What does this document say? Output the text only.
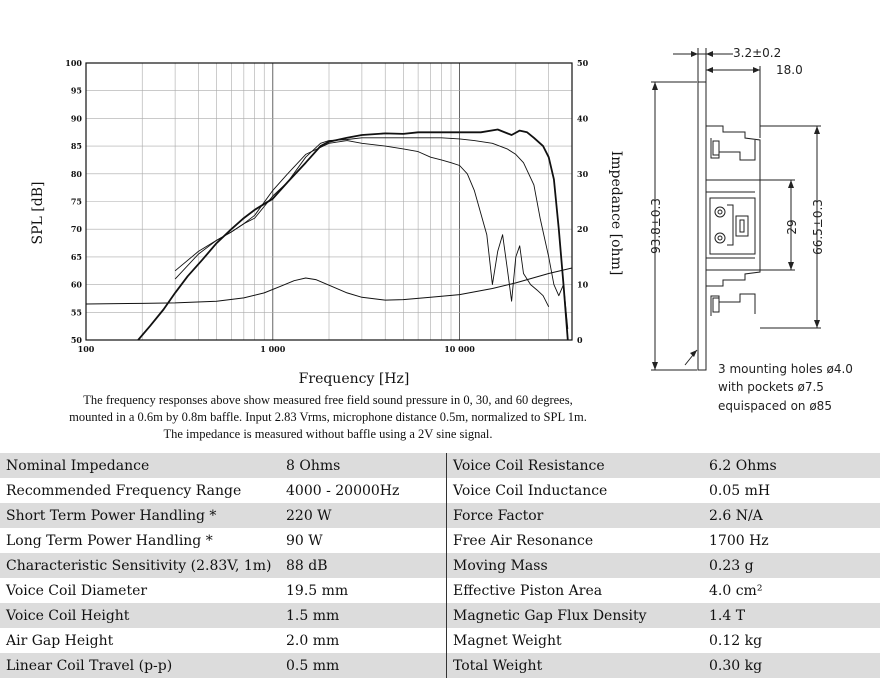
50
55
60
65
70
75
80
85
90
95
100
0
10
20
30
40
50
100	1 000	10 000
SPL [dB]	Impedance [ohm]
Frequency [Hz]

The frequency responses above show measured free field sound pressure in 0, 30, and 60 degrees, mounted in a 0.6m by 0.8m baffle. Input 2.83 Vrms, microphone distance 0.5m, normalized to SPL 1m. The impedance is measured without baffle using a 2V sine signal.

3.2±0.2
18.0
93.8±0.3	29 66.5±0.3
3 mounting holes ø4.0
with pockets ø7.5
equispaced on ø85
Nominal Impedance	8 Ohms	Voice Coil Resistance	6.2 Ohms
Recommended Frequency Range	4000 - 20000Hz	Voice Coil Inductance	0.05 mH
Short Term Power Handling *	220 W	Force Factor	2.6 N/A
Long Term Power Handling *	90 W	Free Air Resonance	1700 Hz
Characteristic Sensitivity (2.83V, 1m)	88 dB	Moving Mass	0.23 g
Voice Coil Diameter	19.5 mm	Effective Piston Area	4.0 cm²
Voice Coil Height	1.5 mm	Magnetic Gap Flux Density	1.4 T
Air Gap Height	2.0 mm	Magnet Weight	0.12 kg
Linear Coil Travel (p-p)	0.5 mm	Total Weight	0.30 kg
